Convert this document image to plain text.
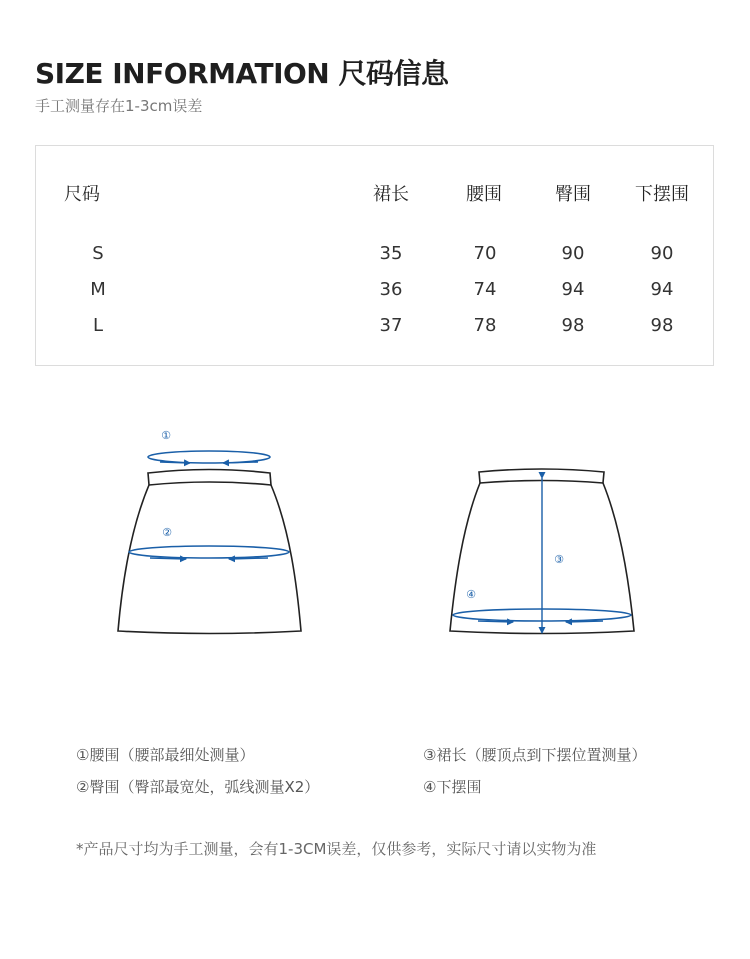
SIZE INFORMATION 尺码信息
手工测量存在1-3cm误差
尺码	裙长	腰围	臀围	下摆围
S	35	70	90	90
M	36	74	94	94
L	37	78	98	98
①
②
③
④
①腰围（腰部最细处测量）
②臀围（臀部最宽处，弧线测量X2）
③裙长（腰顶点到下摆位置测量）
④下摆围
*产品尺寸均为手工测量，会有1-3CM误差，仅供参考，实际尺寸请以实物为准
